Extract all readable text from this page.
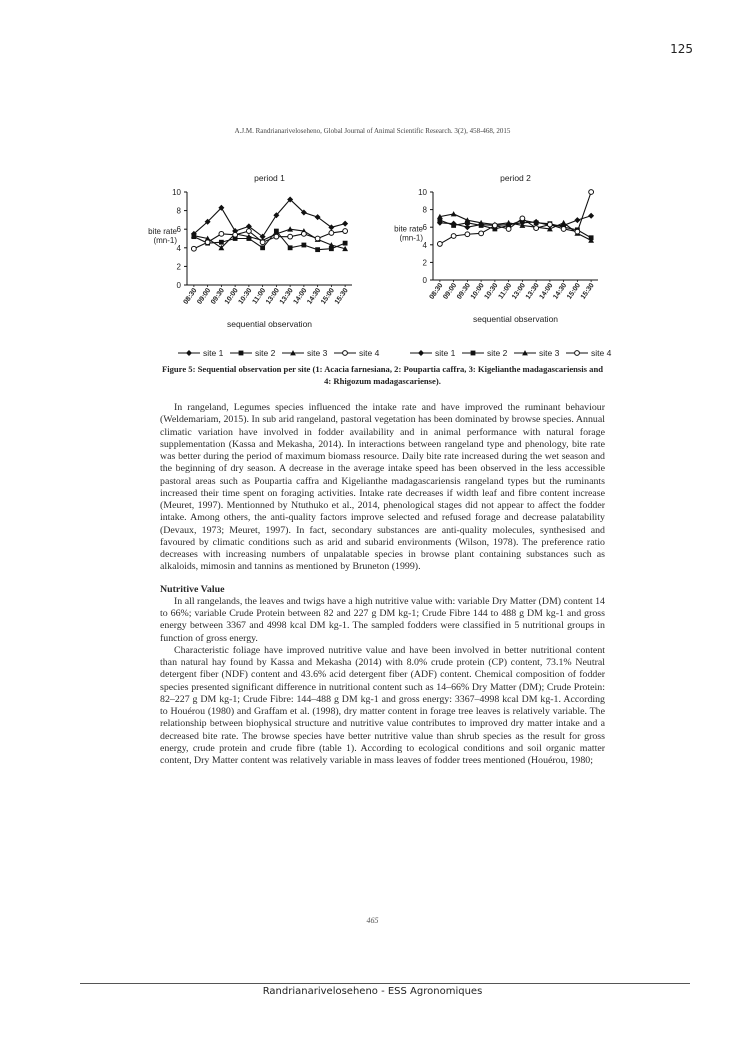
125
A.J.M. Randrianariveloseheno, Global Journal of Animal Scientific Research. 3(2), 458-468, 2015
period 1
0
2
4
6
8
10
bite rate
(mn-1)
08:30
09:00
09:30
10:00
10:30
11:00
13:00
13:30
14:00
14:30
15:00
15:30
sequential observation
period 2
0
2
4
6
8
10
bite rate
(mn-1)
08:30
09:00
09:30
10:00
10:30
11:00
13:00
13:30
14:00
14:30
15:00
15:30
sequential observation
site 1	site 2	site 3	site 4	site 1	site 2	site 3	site 4
Figure 5: Sequential observation per site (1: Acacia farnesiana, 2: Poupartia caffra, 3: Kigelianthe madagascariensis and 4: Rhigozum madagascariense).

In rangeland, Legumes species influenced the intake rate and have improved the ruminant behaviour (Weldemariam, 2015). In sub arid rangeland, pastoral vegetation has been dominated by browse species. Annual climatic variation have involved in fodder availability and in animal performance with natural forage supplementation (Kassa and Mekasha, 2014). In interactions between rangeland type and phenology, bite rate was better during the period of maximum biomass resource. Daily bite rate increased during the wet season and the beginning of dry season. A decrease in the average intake speed has been observed in the less accessible pastoral areas such as Poupartia caffra and Kigelianthe madagascariensis rangeland types but the ruminants increased their time spent on foraging activities. Intake rate decreases if width leaf and fibre content increase (Meuret, 1997). Mentionned by Ntuthuko et al., 2014, phenological stages did not appear to affect the fodder intake. Among others, the anti-quality factors improve selected and refused forage and decrease palatability (Devaux, 1973; Meuret, 1997). In fact, secondary substances are anti-quality molecules, synthesised and favoured by climatic conditions such as arid and subarid environments (Wilson, 1978). The preference ratio decreases with increasing numbers of unpalatable species in browse plant containing substances such as alkaloids, mimosin and tannins as mentioned by Bruneton (1999).

Nutritive Value

In all rangelands, the leaves and twigs have a high nutritive value with: variable Dry Matter (DM) content 14 to 66%; variable Crude Protein between 82 and 227 g DM kg-1; Crude Fibre 144 to 488 g DM kg-1 and gross energy between 3367 and 4998 kcal DM kg-1. The sampled fodders were classified in 5 nutritional groups in function of gross energy.

Characteristic foliage have improved nutritive value and have been involved in better nutritional content than natural hay found by Kassa and Mekasha (2014) with 8.0% crude protein (CP) content, 73.1% Neutral detergent fiber (NDF) content and 43.6% acid detergent fiber (ADF) content. Chemical composition of fodder species presented significant difference in nutritional content such as 14–66% Dry Matter (DM); Crude Protein: 82–227 g DM kg-1; Crude Fibre: 144–488 g DM kg-1 and gross energy: 3367–4998 kcal DM kg-1. According to Houérou (1980) and Graffam et al. (1998), dry matter content in forage tree leaves is relatively variable. The relationship between biophysical structure and nutritive value contributes to improved dry matter intake and a decreased bite rate. The browse species have better nutritive value than shrub species as the result for gross energy, crude protein and crude fibre (table 1). According to ecological conditions and soil organic matter content, Dry Matter content was relatively variable in mass leaves of fodder trees mentioned (Houérou, 1980;

465
Randrianarivelosehen​o - ESS Agronomiques
